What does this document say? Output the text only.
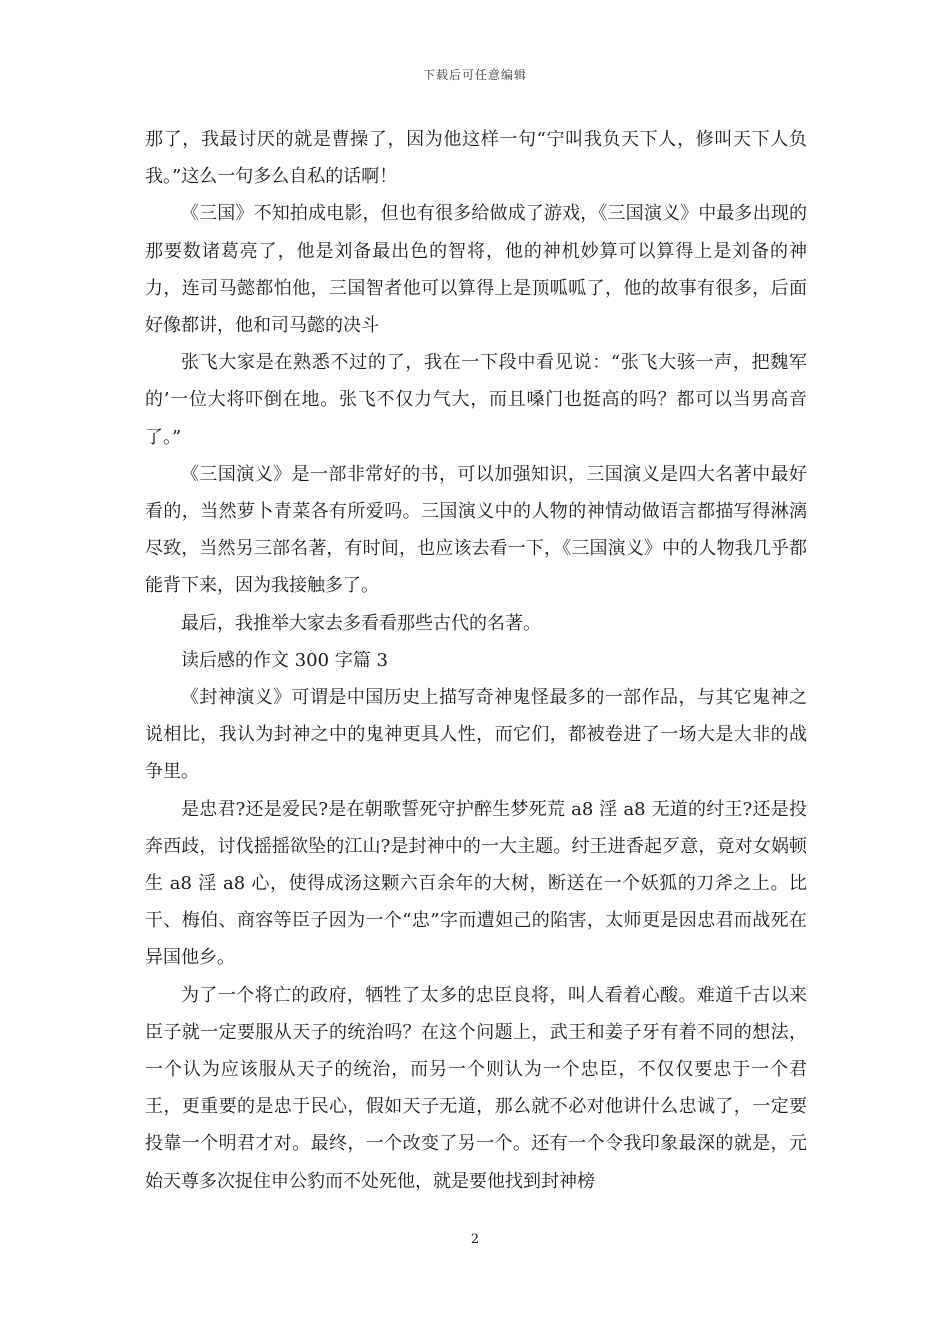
下载后可任意编辑

那了，我最讨厌的就是曹操了，因为他这样一句“宁叫我负天下人，修叫天下人负我。”这么一句多么自私的话啊！

《三国》不知拍成电影，但也有很多给做成了游戏，《三国演义》中最多出现的那要数诸葛亮了，他是刘备最出色的智将，他的神机妙算可以算得上是刘备的神力，连司马懿都怕他，三国智者他可以算得上是顶呱呱了，他的故事有很多，后面好像都讲，他和司马懿的决斗

张飞大家是在熟悉不过的了，我在一下段中看见说：“张飞大骇一声，把魏军的’一位大将吓倒在地。张飞不仅力气大，而且嗓门也挺高的吗？都可以当男高音了。”

《三国演义》是一部非常好的书，可以加强知识，三国演义是四大名著中最好看的，当然萝卜青菜各有所爱吗。三国演义中的人物的神情动做语言都描写得淋漓尽致，当然另三部名著，有时间，也应该去看一下，《三国演义》中的人物我几乎都能背下来，因为我接触多了。

最后，我推举大家去多看看那些古代的名著。

读后感的作文 300 字篇 3

《封神演义》可谓是中国历史上描写奇神鬼怪最多的一部作品，与其它鬼神之说相比，我认为封神之中的鬼神更具人性，而它们，都被卷进了一场大是大非的战争里。

是忠君?还是爱民?是在朝歌誓死守护醉生梦死荒 a8 淫 a8 无道的纣王?还是投奔西歧，讨伐摇摇欲坠的江山?是封神中的一大主题。纣王进香起歹意，竟对女娲顿生 a8 淫 a8 心，使得成汤这颗六百余年的大树，断送在一个妖狐的刀斧之上。比干、梅伯、商容等臣子因为一个“忠”字而遭妲己的陷害，太师更是因忠君而战死在异国他乡。

为了一个将亡的政府，牺牲了太多的忠臣良将，叫人看着心酸。难道千古以来臣子就一定要服从天子的统治吗？在这个问题上，武王和姜子牙有着不同的想法，一个认为应该服从天子的统治，而另一个则认为一个忠臣，不仅仅要忠于一个君王，更重要的是忠于民心，假如天子无道，那么就不必对他讲什么忠诚了，一定要投靠一个明君才对。最终，一个改变了另一个。还有一个令我印象最深的就是，元始天尊多次捉住申公豹而不处死他，就是要他找到封神榜

2
